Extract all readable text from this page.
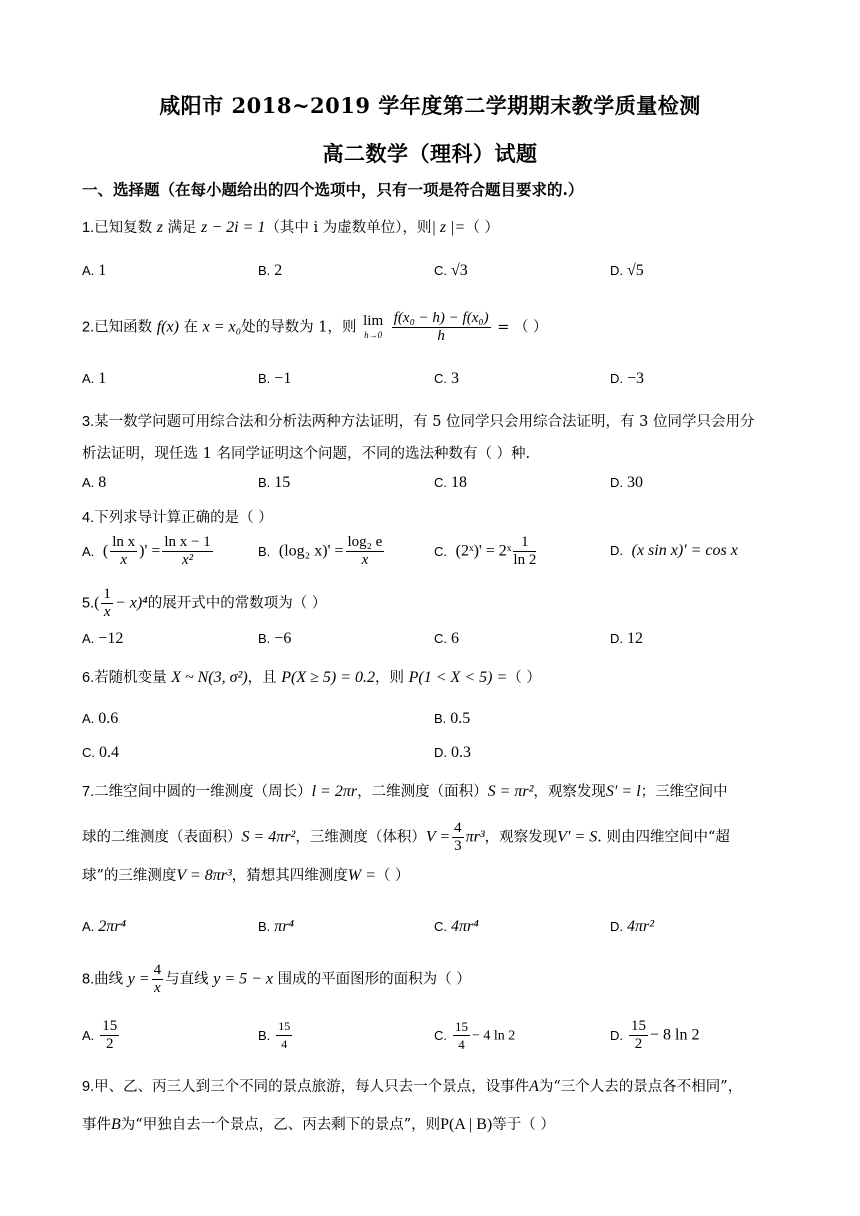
咸阳市 2018~2019 学年度第二学期期末教学质量检测
高二数学（理科）试题
一、选择题（在每小题给出的四个选项中，只有一项是符合题目要求的.）
1.已知复数 z 满足 z − 2i = 1（其中 i 为虚数单位），则| z |=（ ）
A. 1	B. 2	C. √3	D. √5
2.已知函数 f(x) 在 x = x₀处的导数为 1，则 lim
h→0
$\frac{\text{f(x₀ − h) − f(x₀)}}{h}$ = （ ）
A. 1	B. −1	C. 3	D. −3
3.某一数学问题可用综合法和分析法两种方法证明，有 5 位同学只会用综合法证明，有 3 位同学只会用分
析法证明，现任选 1 名同学证明这个问题，不同的选法种数有（ ）种.
A. 8	B. 15	C. 18	D. 30
4.下列求导计算正确的是（ ）
A. ( $\frac{\text{ln x}}{x}$ )' = $\frac{\text{ln x − 1}}{\text{x²}}$	B. (log₂ $x)' = \frac{\text{log₂ e}}{x}$	C. (2ˣ)' = 2ˣ $\frac{1}{\ln 2}$	D. (x sin x)' = cos x
$5.( \frac{1}{x} - x)^4$的展开式中的常数项为（ ）
A. −12	B. −6	C. 6	D. 12
6.若随机变量 X ~ N(3, σ²)，且 P(X ≥ 5) = 0.2，则 P(1 < X < 5) =（ ）
A. 0.6	B. 0.5
C. 0.4	D. 0.3
7.二维空间中圆的一维测度（周长）l = 2πr，二维测度（面积）S = πr²，观察发现S′ = l；三维空间中
球的二维测度（表面积）S = 4πr²，三维测度（体积）$V = \frac{4}{3} \pi r^3$，观察发现V′ = S. 则由四维空间中“超
球”的三维测度V = 8πr³，猜想其四维测度W =（ ）
A. 2πr⁴	B. πr⁴	C. 4πr⁴	D. 4πr²
8.曲线 $y = \frac{4}{x}$ 与直线 y = 5 − x 围成的平面图形的面积为（ ）
A. $\frac{15}{2}$	B. $\frac{15}{4}$	C. $\frac{15}{4} - 4$ ln 2	D. $\frac{15}{2} - 8$ ln 2
9.甲、乙、丙三人到三个不同的景点旅游，每人只去一个景点，设事件A为“三个人去的景点各不相同”，
事件B为“甲独自去一个景点，乙、丙去剩下的景点”，则P(A | B)等于（ ）
